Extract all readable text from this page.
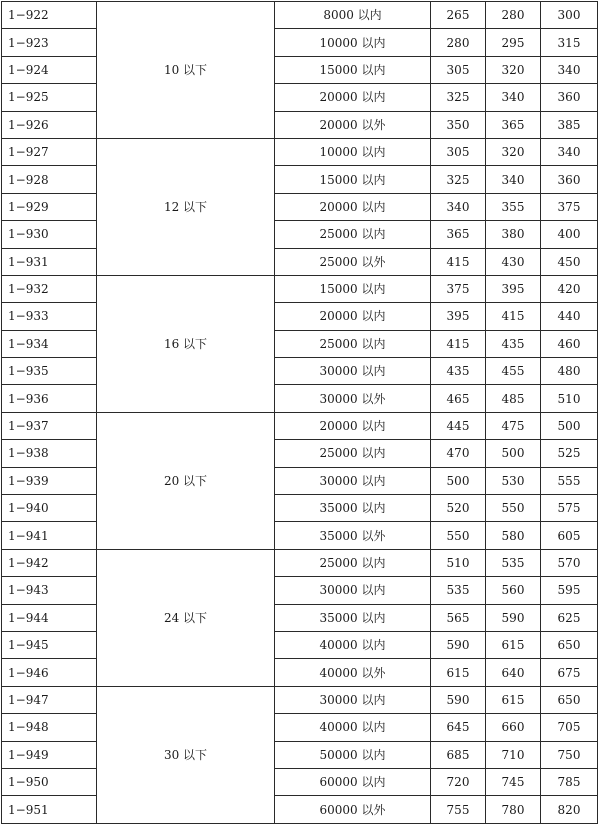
1−922	10 以下	8000 以内	265	280	300
1−923		10000 以内	280	295	315
1−924		15000 以内	305	320	340
1−925		20000 以内	325	340	360
1−926		20000 以外	350	365	385
1−927	12 以下	10000 以内	305	320	340
1−928		15000 以内	325	340	360
1−929		20000 以内	340	355	375
1−930		25000 以内	365	380	400
1−931		25000 以外	415	430	450
1−932	16 以下	15000 以内	375	395	420
1−933		20000 以内	395	415	440
1−934		25000 以内	415	435	460
1−935		30000 以内	435	455	480
1−936		30000 以外	465	485	510
1−937	20 以下	20000 以内	445	475	500
1−938		25000 以内	470	500	525
1−939		30000 以内	500	530	555
1−940		35000 以内	520	550	575
1−941		35000 以外	550	580	605
1−942	24 以下	25000 以内	510	535	570
1−943		30000 以内	535	560	595
1−944		35000 以内	565	590	625
1−945		40000 以内	590	615	650
1−946		40000 以外	615	640	675
1−947	30 以下	30000 以内	590	615	650
1−948		40000 以内	645	660	705
1−949		50000 以内	685	710	750
1−950		60000 以内	720	745	785
1−951		60000 以外	755	780	820
